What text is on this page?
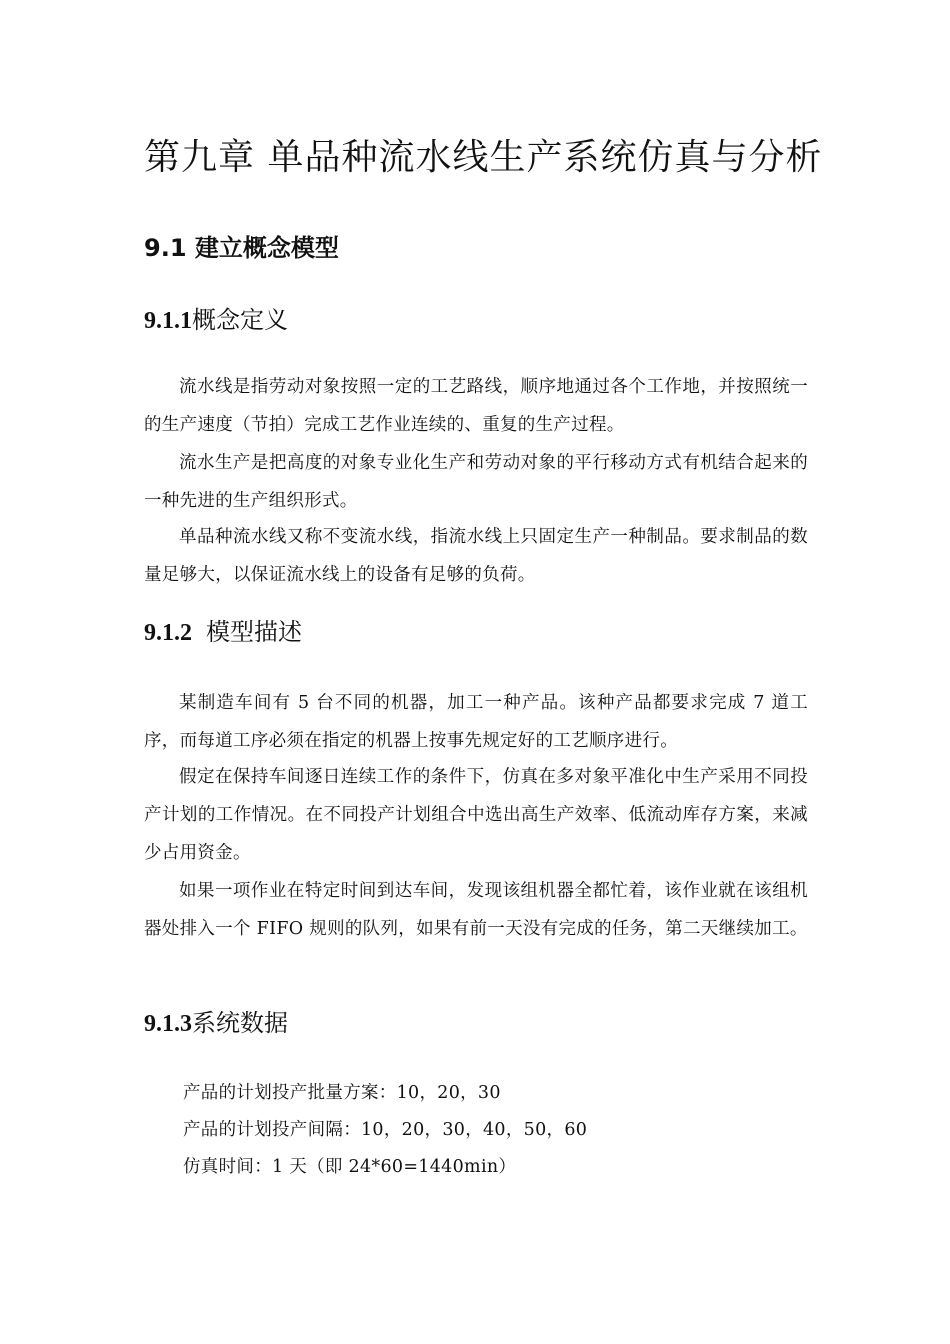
第九章 单品种流水线生产系统仿真与分析
9.1 建立概念模型
9.1.1概念定义

流水线是指劳动对象按照一定的工艺路线，顺序地通过各个工作地，并按照统一的生产速度（节拍）完成工艺作业连续的、重复的生产过程。

流水生产是把高度的对象专业化生产和劳动对象的平行移动方式有机结合起来的一种先进的生产组织形式。

单品种流水线又称不变流水线，指流水线上只固定生产一种制品。要求制品的数量足够大，以保证流水线上的设备有足够的负荷。

9.1.2 模型描述

某制造车间有 5 台不同的机器，加工一种产品。该种产品都要求完成 7 道工序，而每道工序必须在指定的机器上按事先规定好的工艺顺序进行。

假定在保持车间逐日连续工作的条件下，仿真在多对象平准化中生产采用不同投产计划的工作情况。在不同投产计划组合中选出高生产效率、低流动库存方案，来减少占用资金。

如果一项作业在特定时间到达车间，发现该组机器全都忙着，该作业就在该组机器处排入一个 FIFO 规则的队列，如果有前一天没有完成的任务，第二天继续加工。

9.1.3系统数据

产品的计划投产批量方案：10，20，30

产品的计划投产间隔：10，20，30，40，50，60

仿真时间：1 天（即 24*60=1440min）
